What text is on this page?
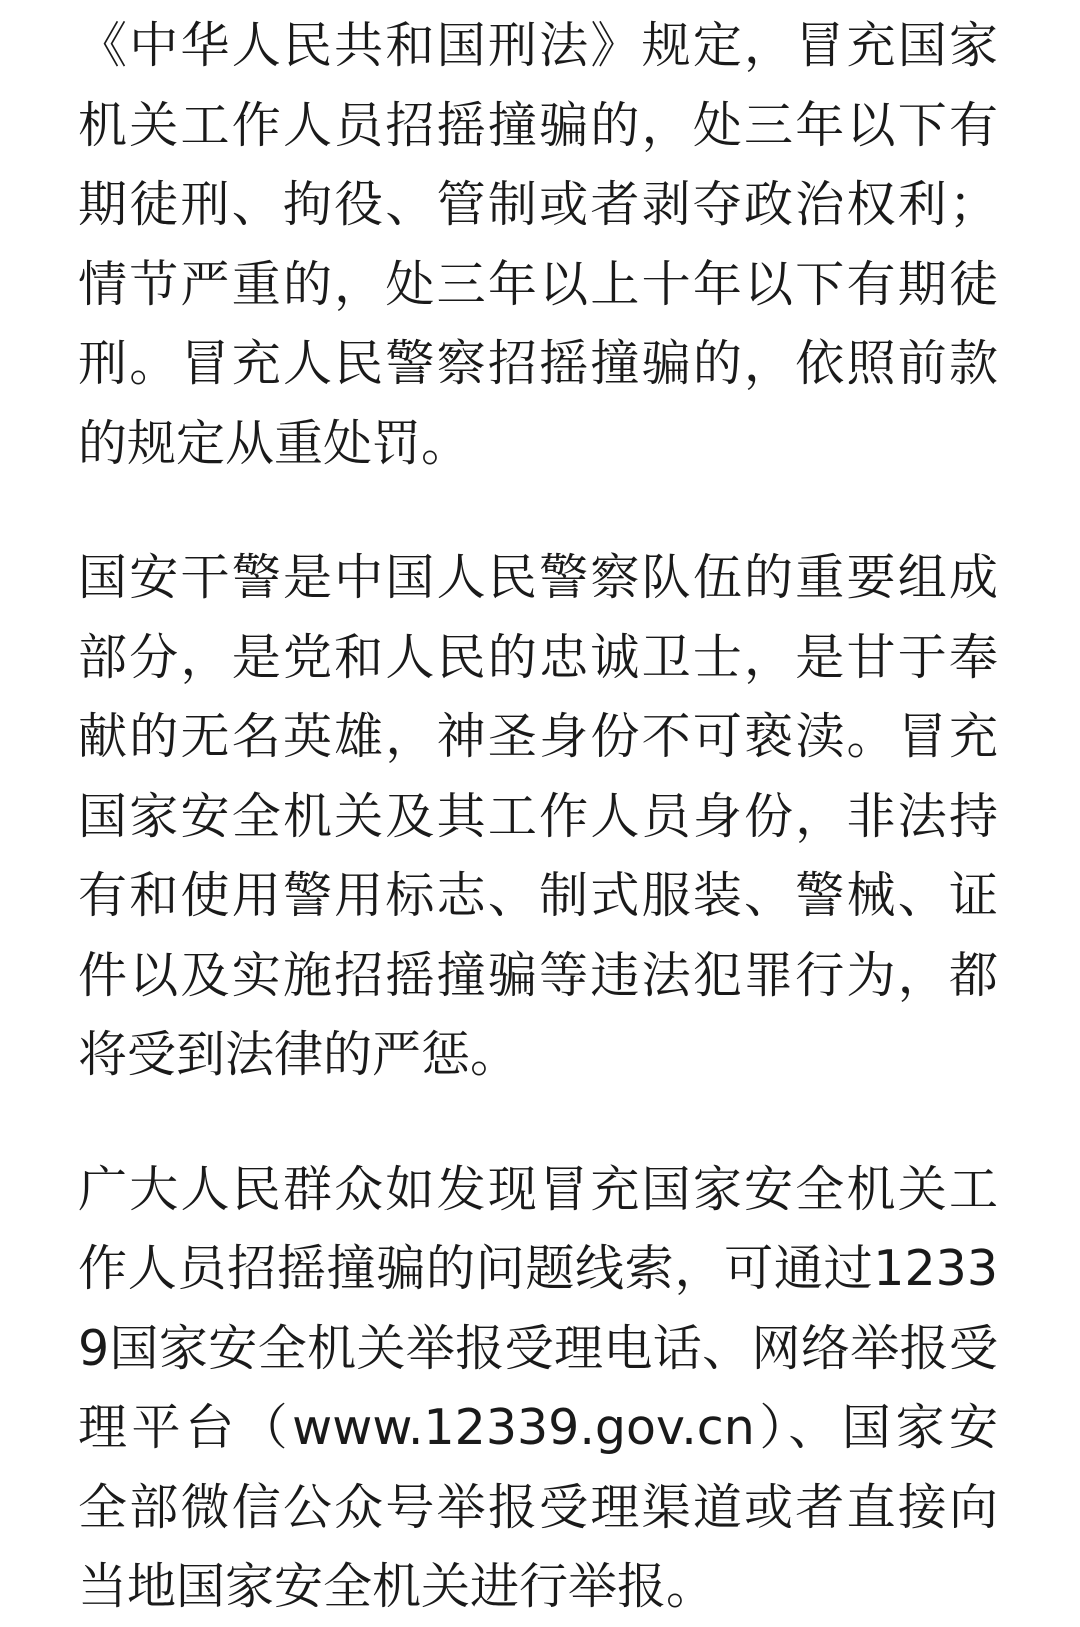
《中华人民共和国刑法》规定，冒充国家机关工作人员招摇撞骗的，处三年以下有期徒刑、拘役、管制或者剥夺政治权利；情节严重的，处三年以上十年以下有期徒刑。冒充人民警察招摇撞骗的，依照前款的规定从重处罚。

国安干警是中国人民警察队伍的重要组成部分，是党和人民的忠诚卫士，是甘于奉献的无名英雄，神圣身份不可亵渎。冒充国家安全机关及其工作人员身份，非法持有和使用警用标志、制式服装、警械、证件以及实施招摇撞骗等违法犯罪行为，都将受到法律的严惩。

广大人民群众如发现冒充国家安全机关工作人员招摇撞骗的问题线索，可通过12339国家安全机关举报受理电话、网络举报受理平台（www.12339.gov.cn）、国家安全部微信公众号举报受理渠道或者直接向当地国家安全机关进行举报。
